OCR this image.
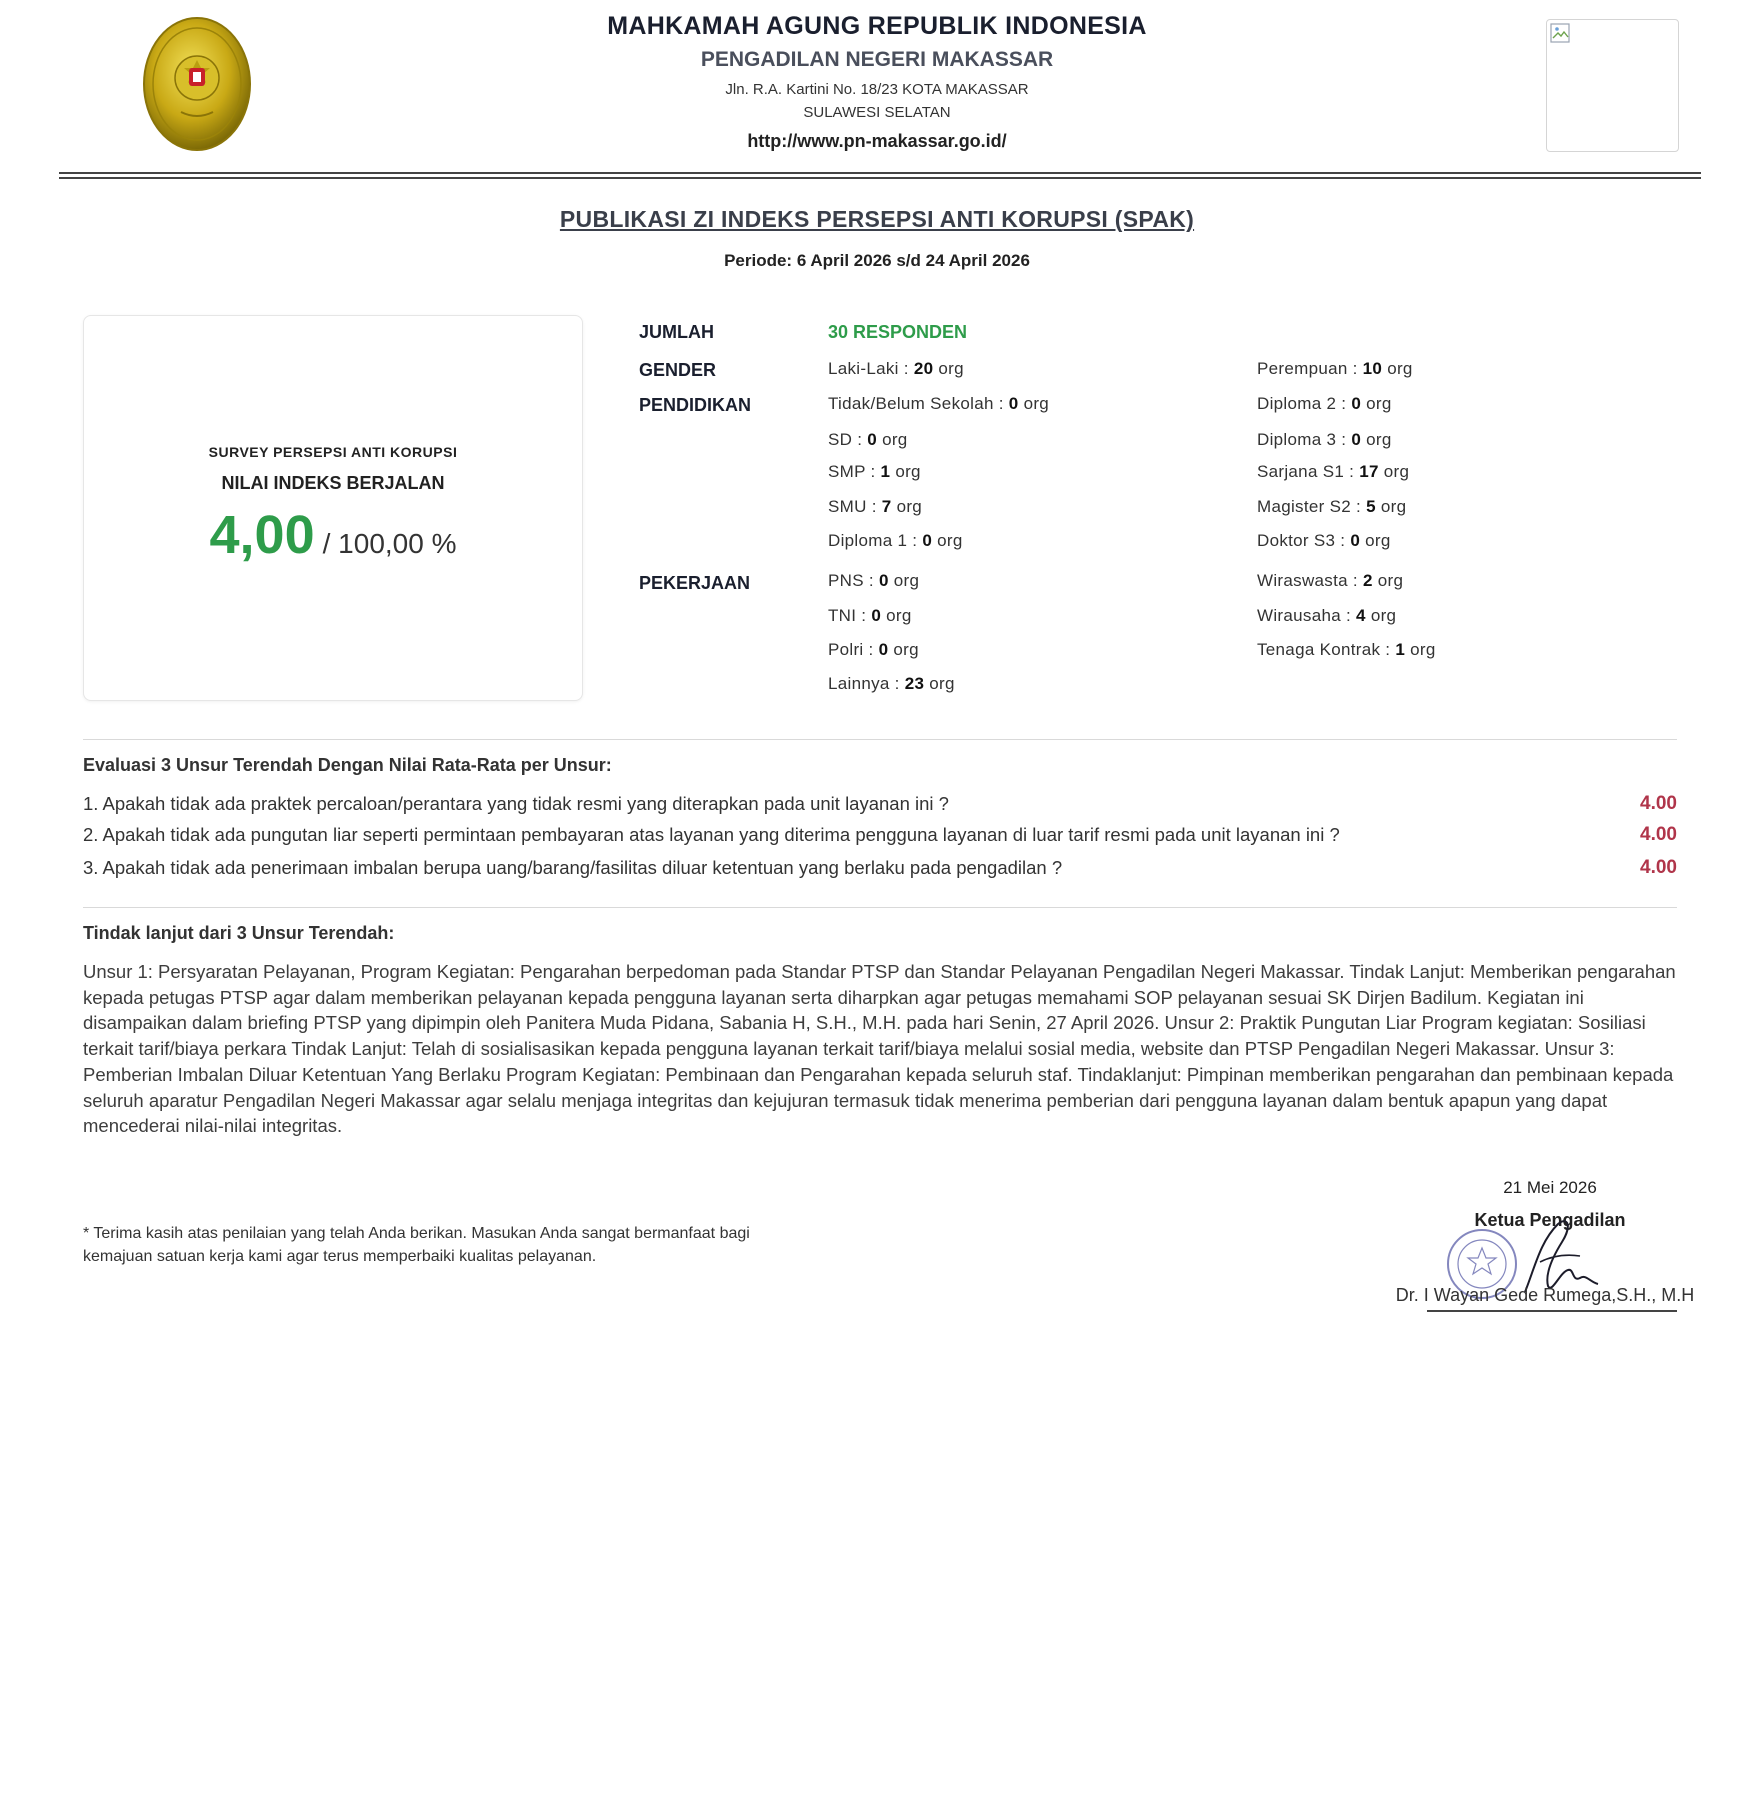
MAHKAMAH AGUNG REPUBLIK INDONESIA
PENGADILAN NEGERI MAKASSAR
Jln. R.A. Kartini No. 18/23 KOTA MAKASSAR
SULAWESI SELATAN
http://www.pn-makassar.go.id/
PUBLIKASI ZI INDEKS PERSEPSI ANTI KORUPSI (SPAK)
Periode: 6 April 2026 s/d 24 April 2026
SURVEY PERSEPSI ANTI KORUPSI
NILAI INDEKS BERJALAN
4,00 / 100,00 %
JUMLAH	30 RESPONDEN
GENDER	Laki-Laki : 20 org	Perempuan : 10 org
PENDIDIKAN	Tidak/Belum Sekolah : 0 org	Diploma 2 : 0 org
SD : 0 org	Diploma 3 : 0 org
SMP : 1 org	Sarjana S1 : 17 org
SMU : 7 org	Magister S2 : 5 org
Diploma 1 : 0 org	Doktor S3 : 0 org
PEKERJAAN	PNS : 0 org	Wiraswasta : 2 org
TNI : 0 org	Wirausaha : 4 org
Polri : 0 org	Tenaga Kontrak : 1 org
Lainnya : 23 org
Evaluasi 3 Unsur Terendah Dengan Nilai Rata-Rata per Unsur:
1. Apakah tidak ada praktek percaloan/perantara yang tidak resmi yang diterapkan pada unit layanan ini ?	4.00
2. Apakah tidak ada pungutan liar seperti permintaan pembayaran atas layanan yang diterima pengguna layanan di luar tarif resmi pada unit layanan ini ?	4.00
3. Apakah tidak ada penerimaan imbalan berupa uang/barang/fasilitas diluar ketentuan yang berlaku pada pengadilan ?	4.00
Tindak lanjut dari 3 Unsur Terendah:
Unsur 1: Persyaratan Pelayanan, Program Kegiatan: Pengarahan berpedoman pada Standar PTSP dan Standar Pelayanan Pengadilan Negeri Makassar. Tindak Lanjut: Memberikan pengarahan kepada petugas PTSP agar dalam memberikan pelayanan kepada pengguna layanan serta diharpkan agar petugas memahami SOP pelayanan sesuai SK Dirjen Badilum. Kegiatan ini disampaikan dalam briefing PTSP yang dipimpin oleh Panitera Muda Pidana, Sabania H, S.H., M.H. pada hari Senin, 27 April 2026. Unsur 2: Praktik Pungutan Liar Program kegiatan: Sosiliasi terkait tarif/biaya perkara Tindak Lanjut: Telah di sosialisasikan kepada pengguna layanan terkait tarif/biaya melalui sosial media, website dan PTSP Pengadilan Negeri Makassar. Unsur 3: Pemberian Imbalan Diluar Ketentuan Yang Berlaku Program Kegiatan: Pembinaan dan Pengarahan kepada seluruh staf. Tindaklanjut: Pimpinan memberikan pengarahan dan pembinaan kepada seluruh aparatur Pengadilan Negeri Makassar agar selalu menjaga integritas dan kejujuran termasuk tidak menerima pemberian dari pengguna layanan dalam bentuk apapun yang dapat mencederai nilai-nilai integritas.
* Terima kasih atas penilaian yang telah Anda berikan. Masukan Anda sangat bermanfaat bagi
kemajuan satuan kerja kami agar terus memperbaiki kualitas pelayanan.
21 Mei 2026
Ketua Pengadilan
Dr. I Wayan Gede Rumega,S.H., M.H
